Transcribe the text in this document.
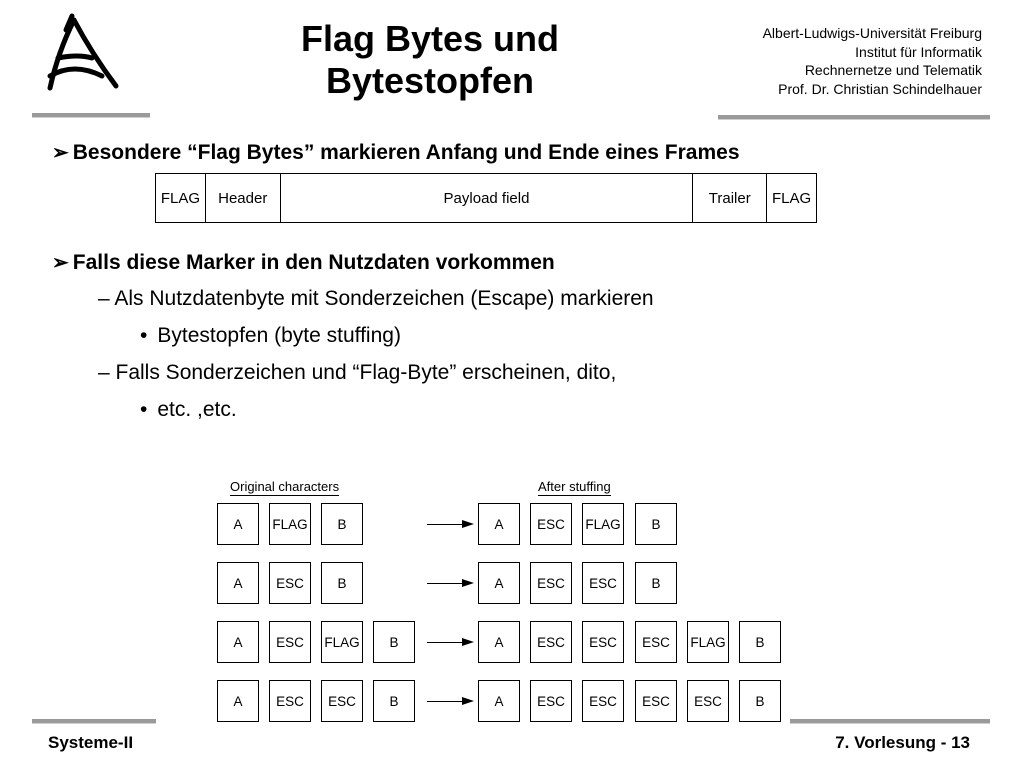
Flag Bytes und
Bytestopfen
Albert-Ludwigs-Universität Freiburg
Institut für Informatik
Rechnernetze und Telematik
Prof. Dr. Christian Schindelhauer
➢ Besondere “Flag Bytes” markieren Anfang und Ende eines Frames
FLAG	Header	Payload field	Trailer	FLAG
➢ Falls diese Marker in den Nutzdaten vorkommen
– Als Nutzdatenbyte mit Sonderzeichen (Escape) markieren
• Bytestopfen (byte stuffing)
– Falls Sonderzeichen und “Flag-Byte” erscheinen, dito,
• etc. ,etc.
Original characters	After stuffing
A	FLAG	B	A	ESC	FLAG	B
A	ESC	B	A	ESC	ESC	B
A	ESC	FLAG	B	A	ESC	ESC	ESC	FLAG	B
A	ESC	ESC	B	A	ESC	ESC	ESC	ESC	B
Systeme-II	7. Vorlesung - 13
